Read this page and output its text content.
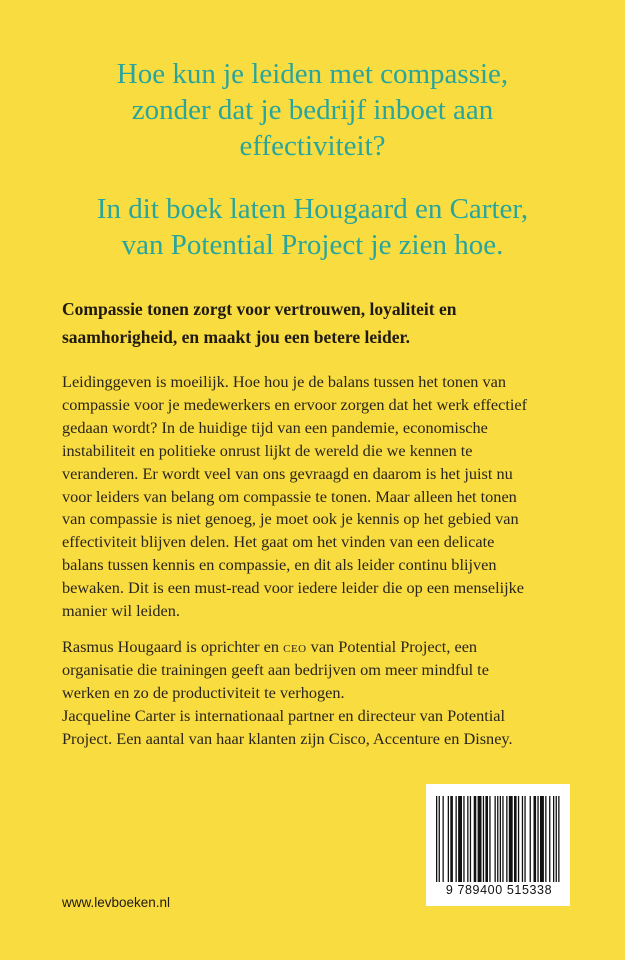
Hoe kun je leiden met compassie,
zonder dat je bedrijf inboet aan
effectiviteit?
In dit boek laten Hougaard en Carter,
van Potential Project je zien hoe.

Compassie tonen zorgt voor vertrouwen, loyaliteit en
saamhorigheid, en maakt jou een betere leider.

Leidinggeven is moeilijk. Hoe hou je de balans tussen het tonen van
compassie voor je medewerkers en ervoor zorgen dat het werk effectief
gedaan wordt? In de huidige tijd van een pandemie, economische
instabiliteit en politieke onrust lijkt de wereld die we kennen te
veranderen. Er wordt veel van ons gevraagd en daarom is het juist nu
voor leiders van belang om compassie te tonen. Maar alleen het tonen
van compassie is niet genoeg, je moet ook je kennis op het gebied van
effectiviteit blijven delen. Het gaat om het vinden van een delicate
balans tussen kennis en compassie, en dit als leider continu blijven
bewaken. Dit is een must-read voor iedere leider die op een menselijke
manier wil leiden.

Rasmus Hougaard is oprichter en ceo van Potential Project, een
organisatie die trainingen geeft aan bedrijven om meer mindful te
werken en zo de productiviteit te verhogen.
Jacqueline Carter is internationaal partner en directeur van Potential
Project. Een aantal van haar klanten zijn Cisco, Accenture en Disney.

9 789400 515338
www.levboeken.nl
